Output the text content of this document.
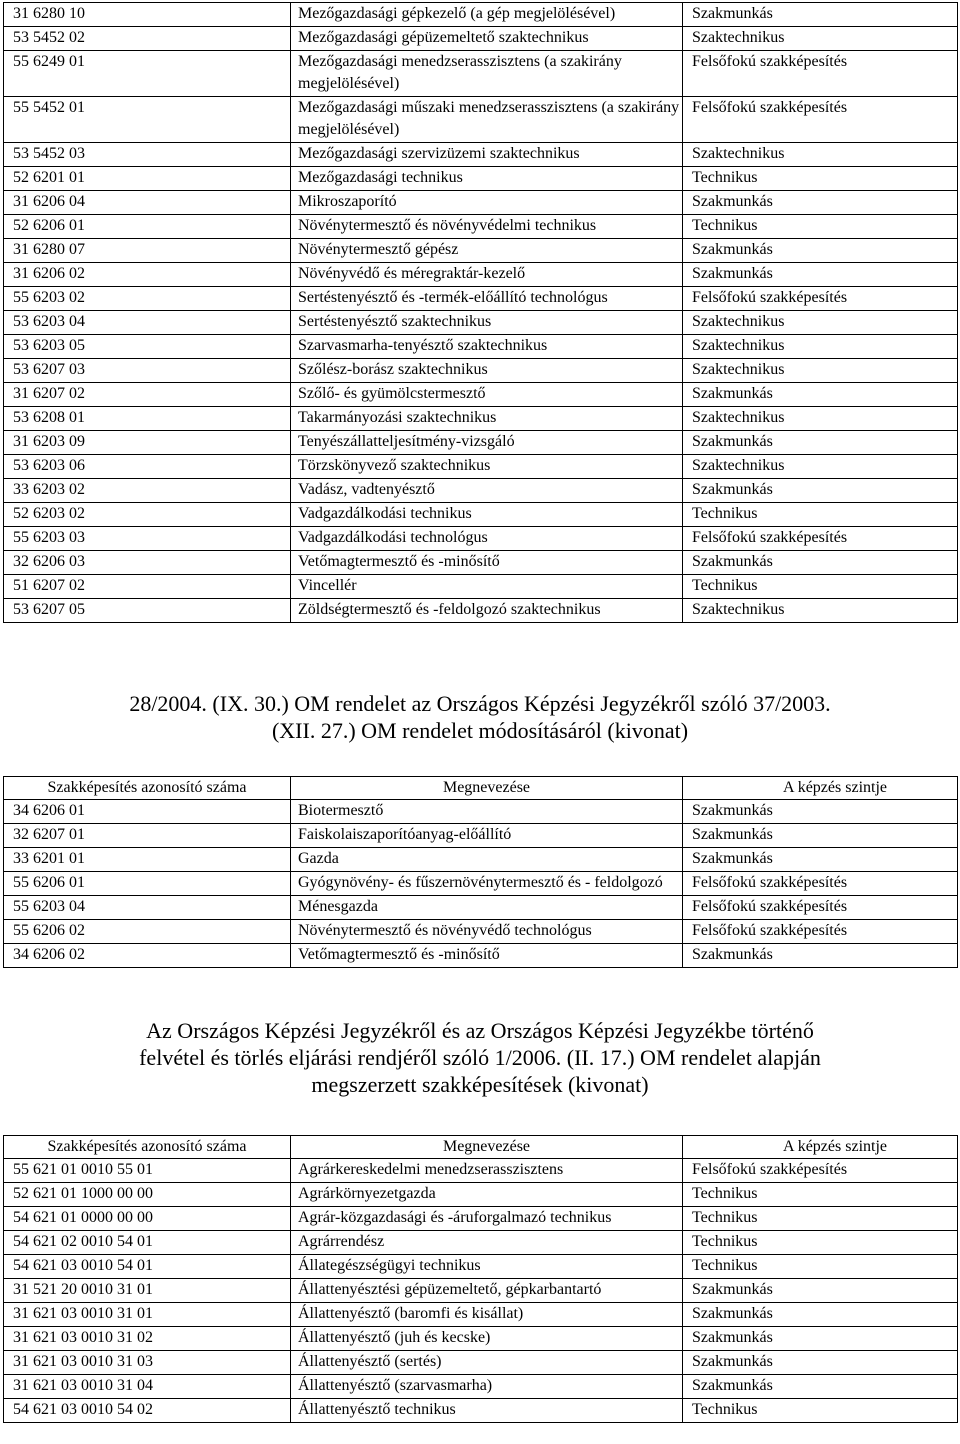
31 6280 10	Mezőgazdasági gépkezelő (a gép megjelölésével)	Szakmunkás
53 5452 02	Mezőgazdasági gépüzemeltető szaktechnikus	Szaktechnikus
55 6249 01	Mezőgazdasági menedzserasszisztens (a szakirány megjelölésével)	Felsőfokú szakképesítés
55 5452 01	Mezőgazdasági műszaki menedzserasszisztens (a szakirány megjelölésével)	Felsőfokú szakképesítés
53 5452 03	Mezőgazdasági szervizüzemi szaktechnikus	Szaktechnikus
52 6201 01	Mezőgazdasági technikus	Technikus
31 6206 04	Mikroszaporító	Szakmunkás
52 6206 01	Növénytermesztő és növényvédelmi technikus	Technikus
31 6280 07	Növénytermesztő gépész	Szakmunkás
31 6206 02	Növényvédő és méregraktár-kezelő	Szakmunkás
55 6203 02	Sertéstenyésztő és -termék-előállító technológus	Felsőfokú szakképesítés
53 6203 04	Sertéstenyésztő szaktechnikus	Szaktechnikus
53 6203 05	Szarvasmarha-tenyésztő szaktechnikus	Szaktechnikus
53 6207 03	Szőlész-borász szaktechnikus	Szaktechnikus
31 6207 02	Szőlő- és gyümölcstermesztő	Szakmunkás
53 6208 01	Takarmányozási szaktechnikus	Szaktechnikus
31 6203 09	Tenyészállatteljesítmény-vizsgáló	Szakmunkás
53 6203 06	Törzskönyvező szaktechnikus	Szaktechnikus
33 6203 02	Vadász, vadtenyésztő	Szakmunkás
52 6203 02	Vadgazdálkodási technikus	Technikus
55 6203 03	Vadgazdálkodási technológus	Felsőfokú szakképesítés
32 6206 03	Vetőmagtermesztő és -minősítő	Szakmunkás
51 6207 02	Vincellér	Technikus
53 6207 05	Zöldségtermesztő és -feldolgozó szaktechnikus	Szaktechnikus
28/2004. (IX. 30.) OM rendelet az Országos Képzési Jegyzékről szóló 37/2003.
(XII. 27.) OM rendelet módosításáról (kivonat)
Szakképesítés azonosító száma	Megnevezése	A képzés szintje
34 6206 01	Biotermesztő	Szakmunkás
32 6207 01	Faiskolaiszaporítóanyag-előállító	Szakmunkás
33 6201 01	Gazda	Szakmunkás
55 6206 01	Gyógynövény- és fűszernövénytermesztő és - feldolgozó	Felsőfokú szakképesítés
55 6203 04	Ménesgazda	Felsőfokú szakképesítés
55 6206 02	Növénytermesztő és növényvédő technológus	Felsőfokú szakképesítés
34 6206 02	Vetőmagtermesztő és -minősítő	Szakmunkás
Az Országos Képzési Jegyzékről és az Országos Képzési Jegyzékbe történő
felvétel és törlés eljárási rendjéről szóló 1/2006. (II. 17.) OM rendelet alapján
megszerzett szakképesítések (kivonat)
Szakképesítés azonosító száma	Megnevezése	A képzés szintje
55 621 01 0010 55 01	Agrárkereskedelmi menedzserasszisztens	Felsőfokú szakképesítés
52 621 01 1000 00 00	Agrárkörnyezetgazda	Technikus
54 621 01 0000 00 00	Agrár-közgazdasági és -áruforgalmazó technikus	Technikus
54 621 02 0010 54 01	Agrárrendész	Technikus
54 621 03 0010 54 01	Állategészségügyi technikus	Technikus
31 521 20 0010 31 01	Állattenyésztési gépüzemeltető, gépkarbantartó	Szakmunkás
31 621 03 0010 31 01	Állattenyésztő (baromfi és kisállat)	Szakmunkás
31 621 03 0010 31 02	Állattenyésztő (juh és kecske)	Szakmunkás
31 621 03 0010 31 03	Állattenyésztő (sertés)	Szakmunkás
31 621 03 0010 31 04	Állattenyésztő (szarvasmarha)	Szakmunkás
54 621 03 0010 54 02	Állattenyésztő technikus	Technikus
